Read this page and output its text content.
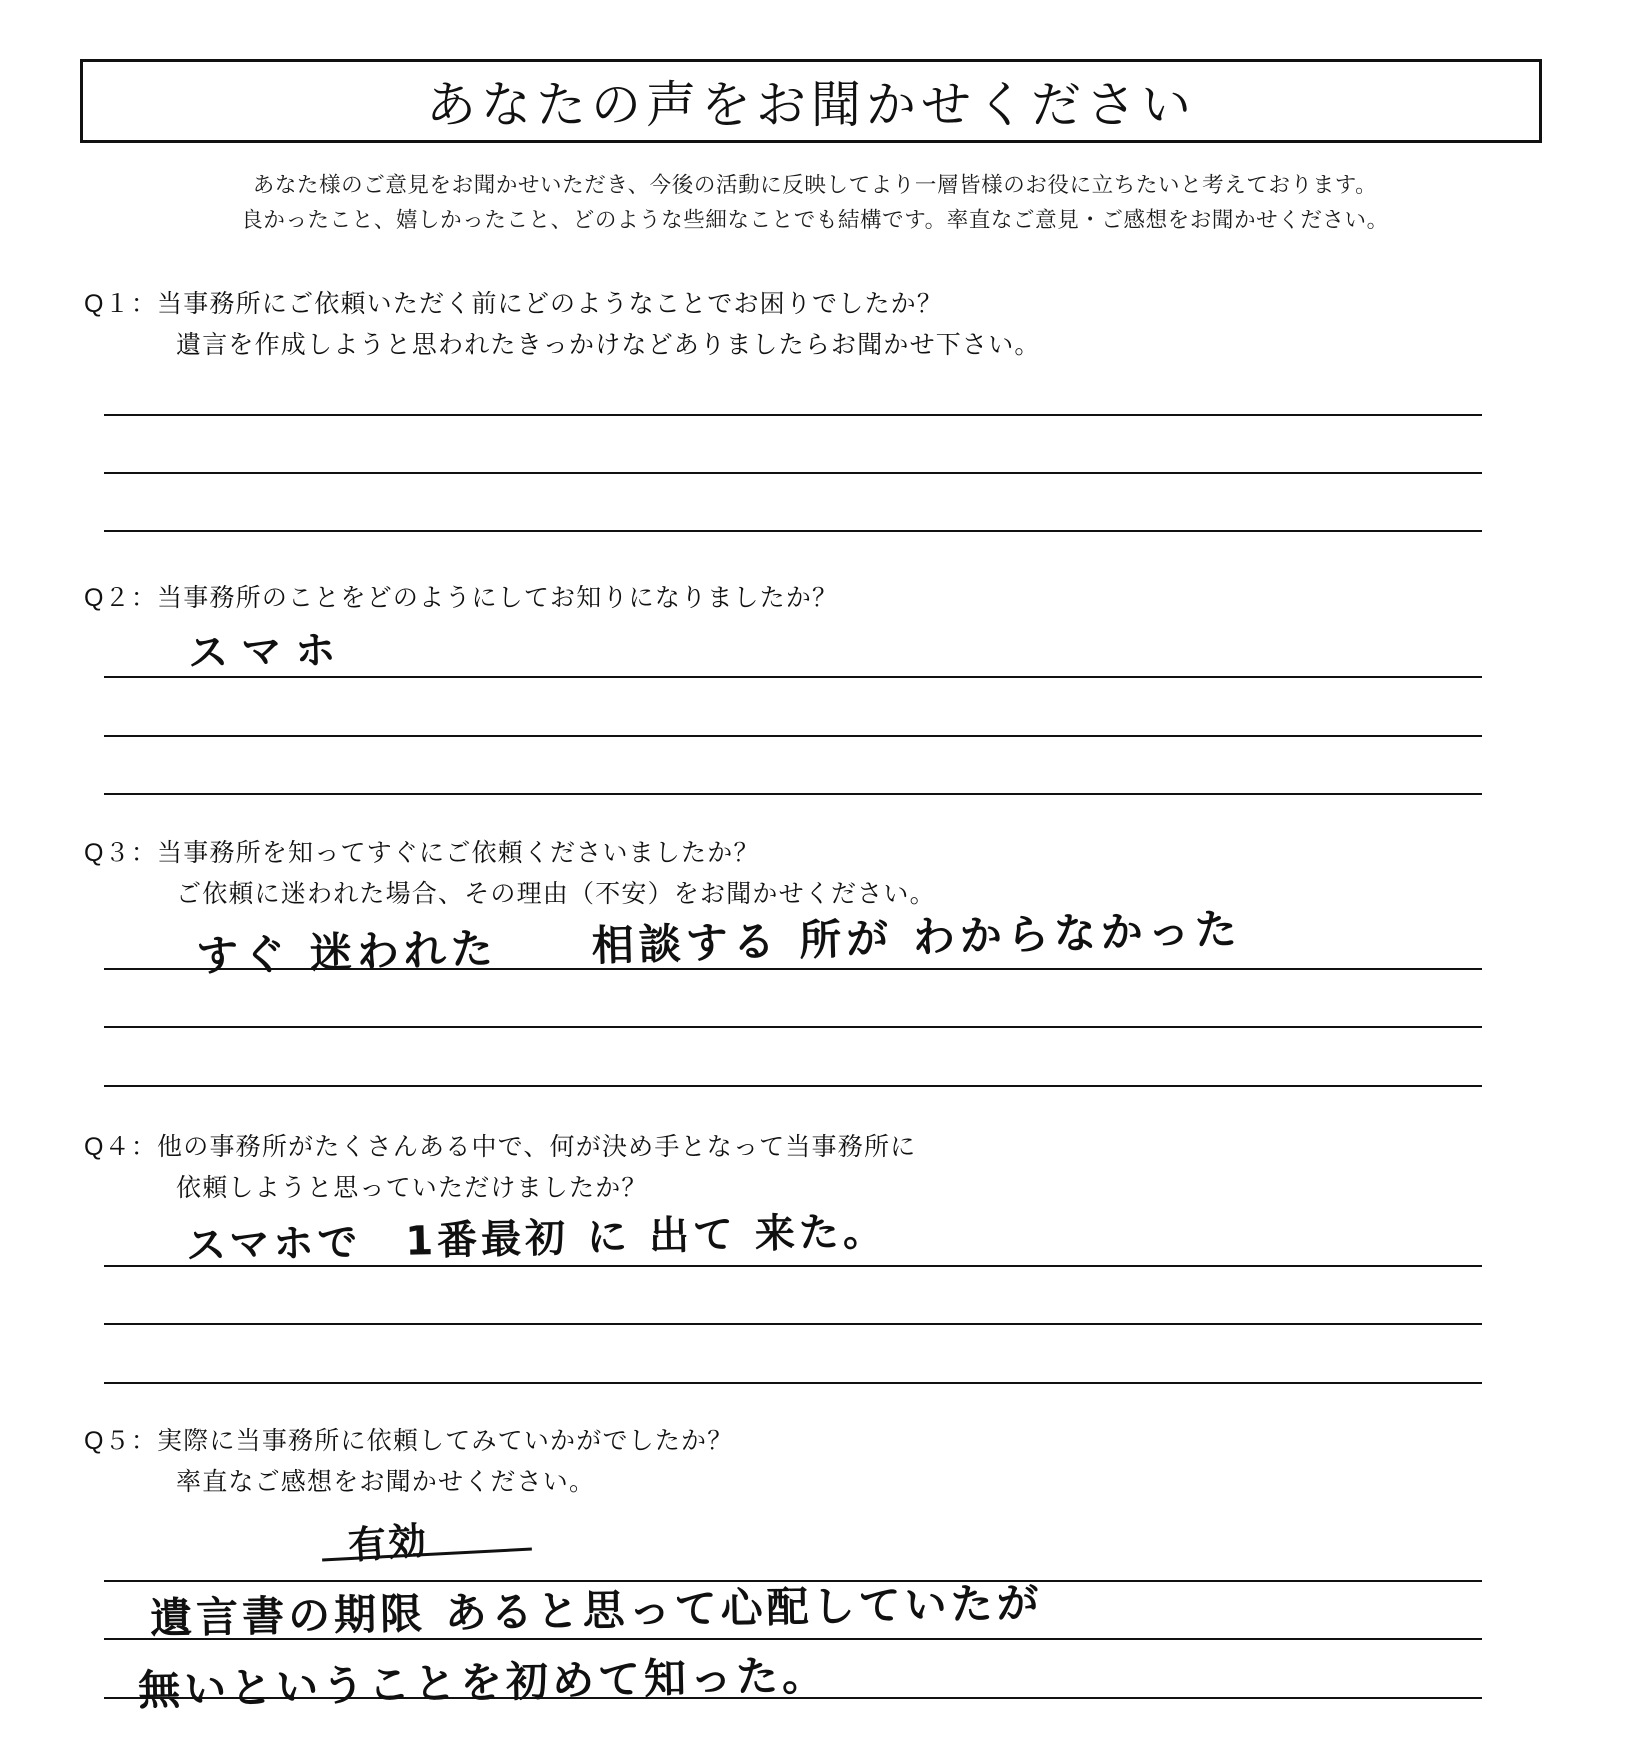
あなたの声をお聞かせください
あなた様のご意見をお聞かせいただき、今後の活動に反映してより一層皆様のお役に立ちたいと考えております。
良かったこと、嬉しかったこと、どのような些細なことでも結構です。率直なご意見・ご感想をお聞かせください。
Q１：当事務所にご依頼いただく前にどのようなことでお困りでしたか？
遺言を作成しようと思われたきっかけなどありましたらお聞かせ下さい。
Q２：当事務所のことをどのようにしてお知りになりましたか？
スマホ
Q３：当事務所を知ってすぐにご依頼くださいましたか？
ご依頼に迷われた場合、その理由（不安）をお聞かせください。
すぐ 迷われた　　相談する 所が わからなかった
Q４：他の事務所がたくさんある中で、何が決め手となって当事務所に
依頼しようと思っていただけましたか？
スマホで　1番最初 に 出て 来た。
Q５：実際に当事務所に依頼してみていかがでしたか？
率直なご感想をお聞かせください。
有効
遺言書の期限 あると思って心配していたが
無いということを初めて知った。
